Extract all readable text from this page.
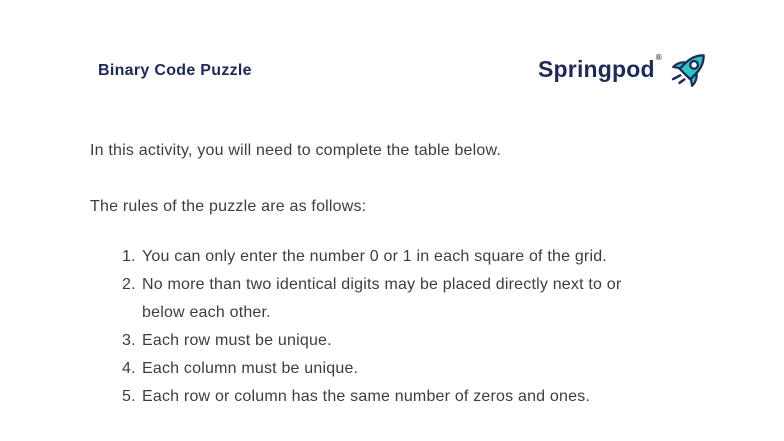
Binary Code Puzzle	Springpod ®

In this activity, you will need to complete the table below.

The rules of the puzzle are as follows:

1. You can only enter the number 0 or 1 in each square of the grid.
2. No more than two identical digits may be placed directly next to or below each other.
3. Each row must be unique.
4. Each column must be unique.
5. Each row or column has the same number of zeros and ones.
